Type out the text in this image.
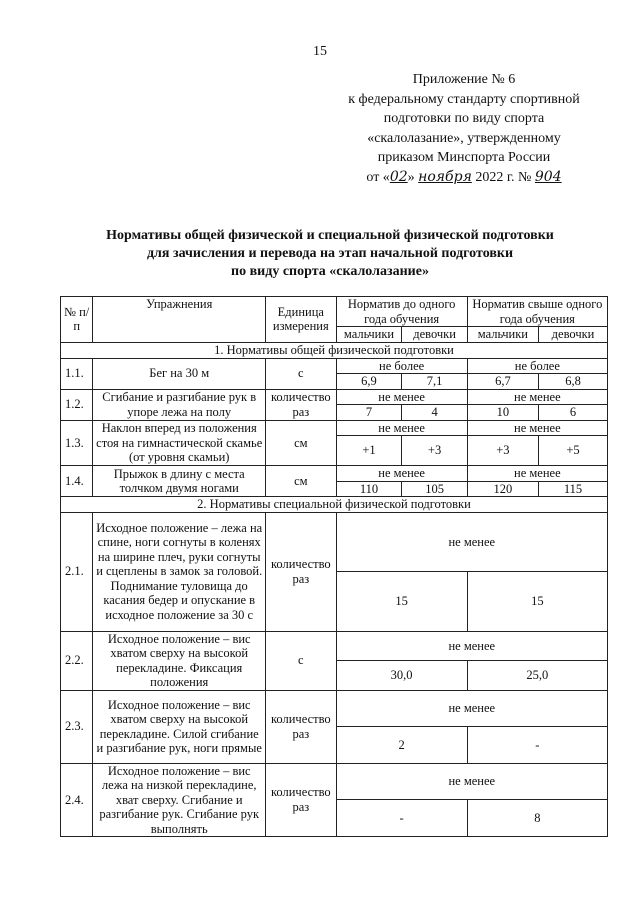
15
Приложение № 6
к федеральному стандарту спортивной
подготовки по виду спорта
«скалолазание», утвержденному
приказом Минспорта России
от «02» ноября 2022 г. № 904
Нормативы общей физической и специальной физической подготовки
для зачисления и перевода на этап начальной подготовки
по виду спорта «скалолазание»
№ п/п	Упражнения	Единица измерения	Норматив до одного года обучения		Норматив свыше одного года обучения	
			мальчики	девочки	мальчики	девочки
1. Нормативы общей физической подготовки						
1.1.	Бег на 30 м	с	не более		не более	
			6,9	7,1	6,7	6,8
1.2.	Сгибание и разгибание рук в упоре лежа на полу	количество раз	не менее		не менее	
			7	4	10	6
1.3.	Наклон вперед из положения стоя на гимнастической скамье (от уровня скамьи)	см	не менее		не менее	
			+1	+3	+3	+5
1.4.	Прыжок в длину с места толчком двумя ногами	см	не менее		не менее	
			110	105	120	115
2. Нормативы специальной физической подготовки						
2.1.	Исходное положение – лежа на спине, ноги согнуты в коленях на ширине плеч, руки согнуты и сцеплены в замок за головой. Поднимание туловища до касания бедер и опускание в исходное положение за 30 с	количество раз	не менее			
			15		15	
2.2.	Исходное положение – вис хватом сверху на высокой перекладине. Фиксация положения	с	не менее			
			30,0		25,0	
2.3.	Исходное положение – вис хватом сверху на высокой перекладине. Силой сгибание и разгибание рук, ноги прямые	количество раз	не менее			
			2		-	
2.4.	Исходное положение – вис лежа на низкой перекладине, хват сверху. Сгибание и разгибание рук. Сгибание рук выполнять	количество раз	не менее			
			-		8	
